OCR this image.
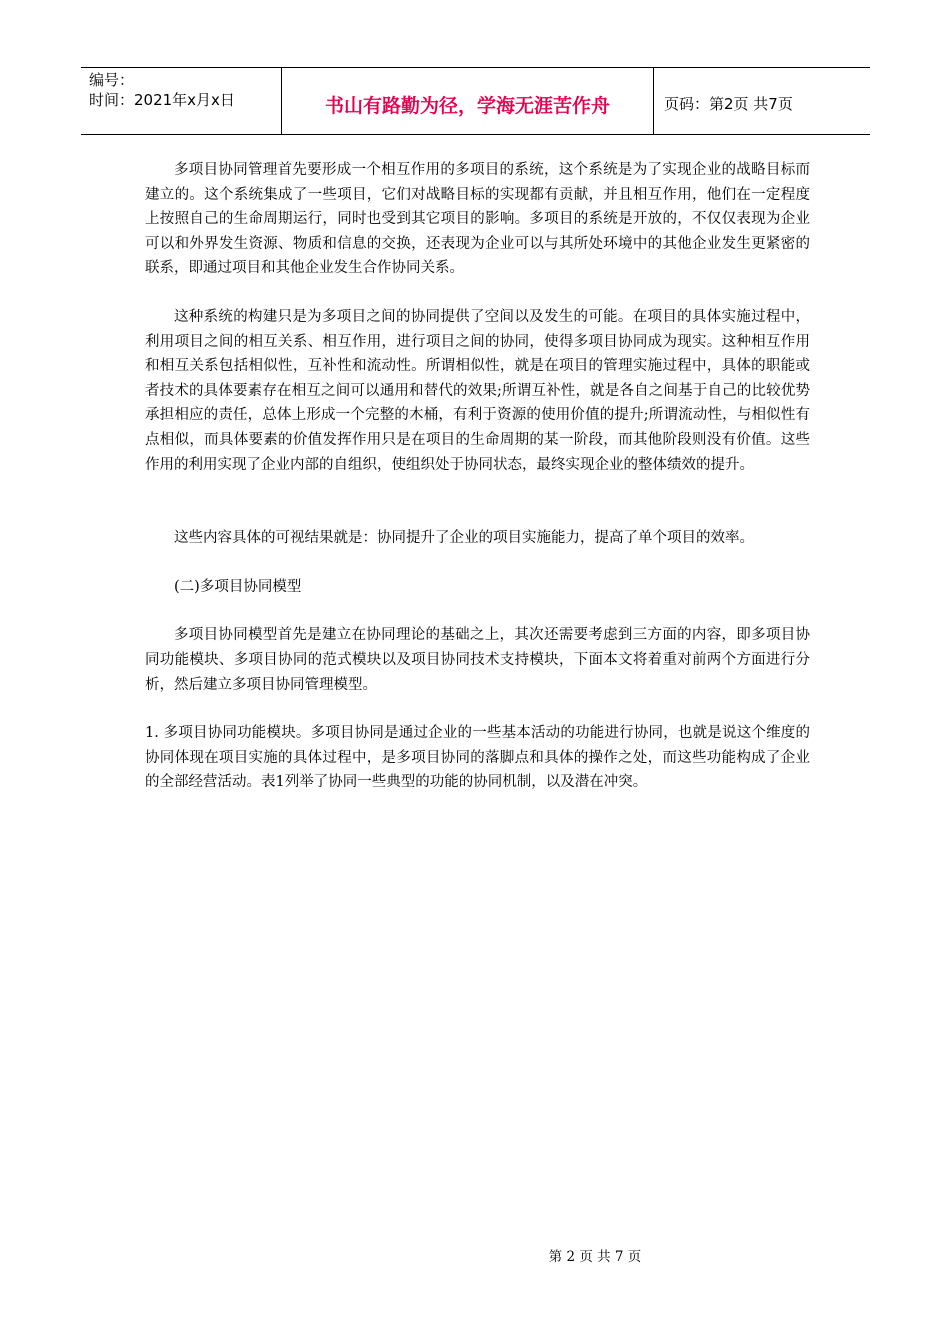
编号：
时间：2021年x月x日	书山有路勤为径，学海无涯苦作舟	页码：第2页 共7页

多项目协同管理首先要形成一个相互作用的多项目的系统，这个系统是为了实现企业的战略目标而建立的。这个系统集成了一些项目，它们对战略目标的实现都有贡献，并且相互作用，他们在一定程度上按照自己的生命周期运行，同时也受到其它项目的影响。多项目的系统是开放的，不仅仅表现为企业可以和外界发生资源、物质和信息的交换，还表现为企业可以与其所处环境中的其他企业发生更紧密的联系，即通过项目和其他企业发生合作协同关系。

这种系统的构建只是为多项目之间的协同提供了空间以及发生的可能。在项目的具体实施过程中，利用项目之间的相互关系、相互作用，进行项目之间的协同，使得多项目协同成为现实。这种相互作用和相互关系包括相似性，互补性和流动性。所谓相似性，就是在项目的管理实施过程中，具体的职能或者技术的具体要素存在相互之间可以通用和替代的效果;所谓互补性，就是各自之间基于自己的比较优势承担相应的责任，总体上形成一个完整的木桶，有利于资源的使用价值的提升;所谓流动性，与相似性有点相似，而具体要素的价值发挥作用只是在项目的生命周期的某一阶段，而其他阶段则没有价值。这些作用的利用实现了企业内部的自组织，使组织处于协同状态，最终实现企业的整体绩效的提升。

这些内容具体的可视结果就是：协同提升了企业的项目实施能力，提高了单个项目的效率。

(二)多项目协同模型

多项目协同模型首先是建立在协同理论的基础之上，其次还需要考虑到三方面的内容，即多项目协同功能模块、多项目协同的范式模块以及项目协同技术支持模块，下面本文将着重对前两个方面进行分析，然后建立多项目协同管理模型。

1. 多项目协同功能模块。多项目协同是通过企业的一些基本活动的功能进行协同，也就是说这个维度的协同体现在项目实施的具体过程中，是多项目协同的落脚点和具体的操作之处，而这些功能构成了企业的全部经营活动。表1列举了协同一些典型的功能的协同机制，以及潜在冲突。

第 2 页 共 7 页
